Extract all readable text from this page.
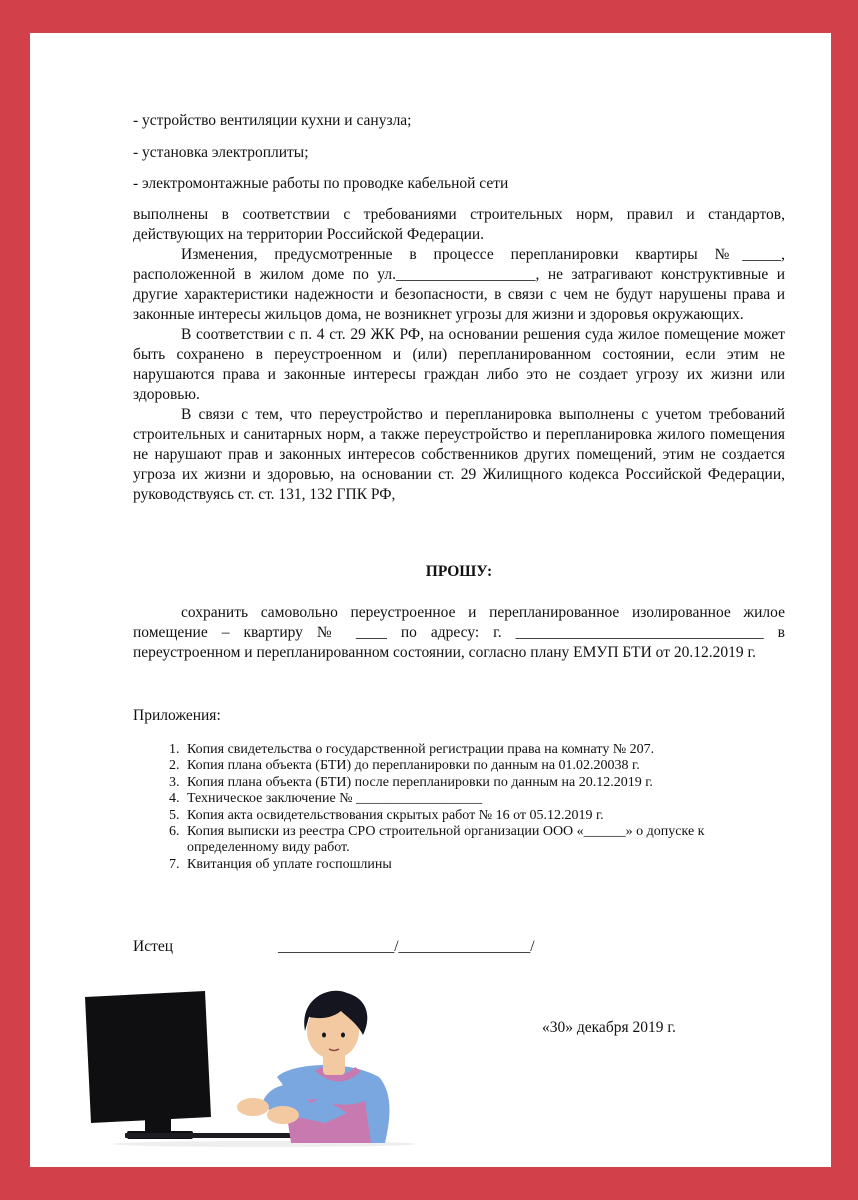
- устройство вентиляции кухни и санузла;
- установка электроплиты;
- электромонтажные работы по проводке кабельной сети

выполнены в соответствии с требованиями строительных норм, правил и стандартов, действующих на территории Российской Федерации.

Изменения, предусмотренные в процессе перепланировки квартиры №_____, расположенной в жилом доме по ул.__________________, не затрагивают конструктивные и другие характеристики надежности и безопасности, в связи с чем не будут нарушены права и законные интересы жильцов дома, не возникнет угрозы для жизни и здоровья окружающих.

В соответствии с п. 4 ст. 29 ЖК РФ, на основании решения суда жилое помещение может быть сохранено в переустроенном и (или) перепланированном состоянии, если этим не нарушаются права и законные интересы граждан либо это не создает угрозу их жизни или здоровью.

В связи с тем, что переустройство и перепланировка выполнены с учетом требований строительных и санитарных норм, а также переустройство и перепланировка жилого помещения не нарушают прав и законных интересов собственников других помещений, этим не создается угроза их жизни и здоровью, на основании ст. 29 Жилищного кодекса Российской Федерации, руководствуясь ст. ст. 131, 132 ГПК РФ,

ПРОШУ:

сохранить самовольно переустроенное и перепланированное изолированное жилое помещение – квартиру № ____ по адресу: г. ________________________________ в переустроенном и перепланированном состоянии, согласно плану ЕМУП БТИ от 20.12.2019 г.

Приложения:
1. Копия свидетельства о государственной регистрации права на комнату № 207.
2. Копия плана объекта (БТИ) до перепланировки по данным на 01.02.20038 г.
3. Копия плана объекта (БТИ) после перепланировки по данным на 20.12.2019 г.
4. Техническое заключение № __________________
5. Копия акта освидетельствования скрытых работ № 16 от 05.12.2019 г.
6. Копия выписки из реестра СРО строительной организации ООО «______» о допуске к определенному виду работ.
7. Квитанция об уплате госпошлины
Истец	_______________/_________________/
«30» декабря 2019 г.
